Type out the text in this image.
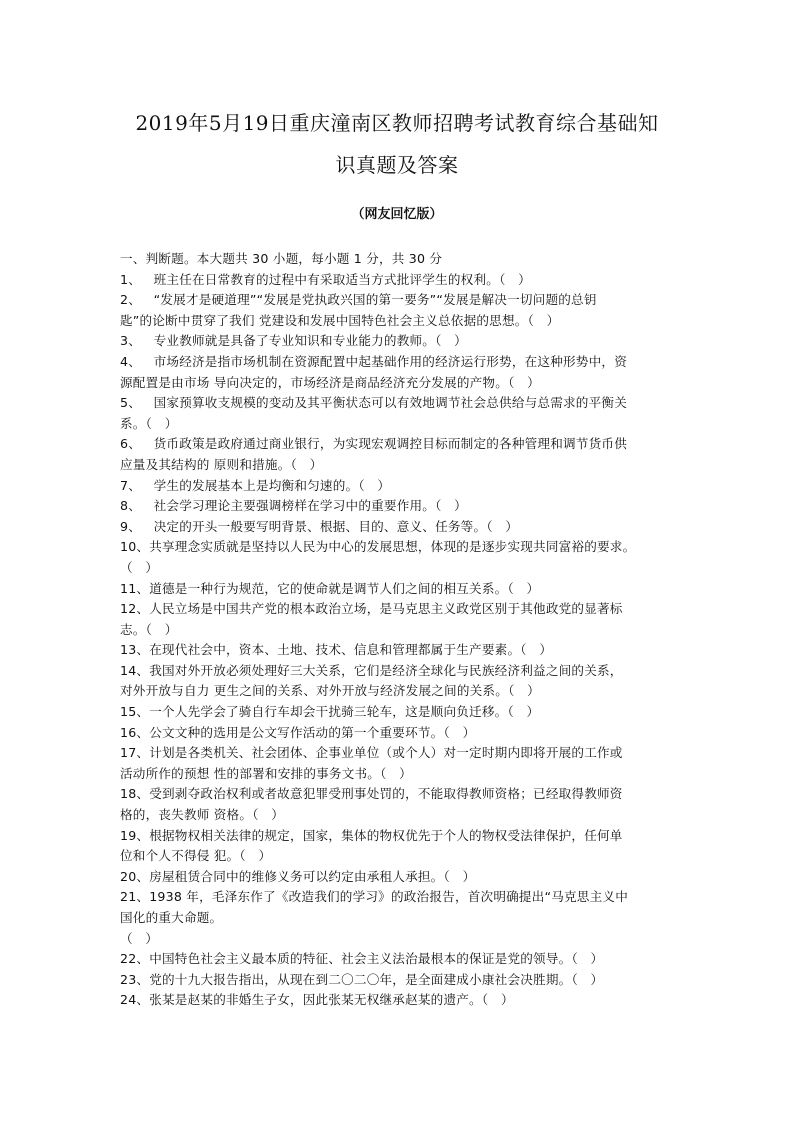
2019年5月19日重庆潼南区教师招聘考试教育综合基础知
识真题及答案
（网友回忆版）

一、判断题。本大题共 30 小题，每小题 1 分，共 30 分

1、   班主任在日常教育的过程中有采取适当方式批评学生的权利。（   ）

2、   “发展才是硬道理”“发展是党执政兴国的第一要务”“发展是解决一切问题的总钥

匙”的论断中贯穿了我们 党建设和发展中国特色社会主义总依据的思想。（   ）

3、   专业教师就是具备了专业知识和专业能力的教师。（   ）

4、   市场经济是指市场机制在资源配置中起基础作用的经济运行形势，在这种形势中，资

源配置是由市场 导向决定的，市场经济是商品经济充分发展的产物。（   ）

5、   国家预算收支规模的变动及其平衡状态可以有效地调节社会总供给与总需求的平衡关

系。（   ）

6、   货币政策是政府通过商业银行，为实现宏观调控目标而制定的各种管理和调节货币供

应量及其结构的 原则和措施。（   ）

7、   学生的发展基本上是均衡和匀速的。（   ）

8、   社会学习理论主要强调榜样在学习中的重要作用。（   ）

9、   决定的开头一般要写明背景、根据、目的、意义、任务等。（   ）

10、共享理念实质就是坚持以人民为中心的发展思想，体现的是逐步实现共同富裕的要求。

（   ）

11、道德是一种行为规范，它的使命就是调节人们之间的相互关系。（   ）

12、人民立场是中国共产党的根本政治立场，是马克思主义政党区别于其他政党的显著标

志。（   ）

13、在现代社会中，资本、土地、技术、信息和管理都属于生产要素。（   ）

14、我国对外开放必须处理好三大关系，它们是经济全球化与民族经济利益之间的关系，

对外开放与自力 更生之间的关系、对外开放与经济发展之间的关系。（   ）

15、一个人先学会了骑自行车却会干扰骑三轮车，这是顺向负迁移。（   ）

16、公文文种的选用是公文写作活动的第一个重要环节。（   ）

17、计划是各类机关、社会团体、企事业单位（或个人）对一定时期内即将开展的工作或

活动所作的预想 性的部署和安排的事务文书。（   ）

18、受到剥夺政治权利或者故意犯罪受刑事处罚的，不能取得教师资格；已经取得教师资

格的，丧失教师 资格。（   ）

19、根据物权相关法律的规定，国家，集体的物权优先于个人的物权受法律保护，任何单

位和个人不得侵 犯。（   ）

20、房屋租赁合同中的维修义务可以约定由承租人承担。（   ）

21、1938 年，毛泽东作了《改造我们的学习》的政治报告，首次明确提出“马克思主义中

国化的重大命题。

（   ）

22、中国特色社会主义最本质的特征、社会主义法治最根本的保证是党的领导。（   ）

23、党的十九大报告指出，从现在到二〇二〇年，是全面建成小康社会决胜期。（   ）

24、张某是赵某的非婚生子女，因此张某无权继承赵某的遗产。（   ）
